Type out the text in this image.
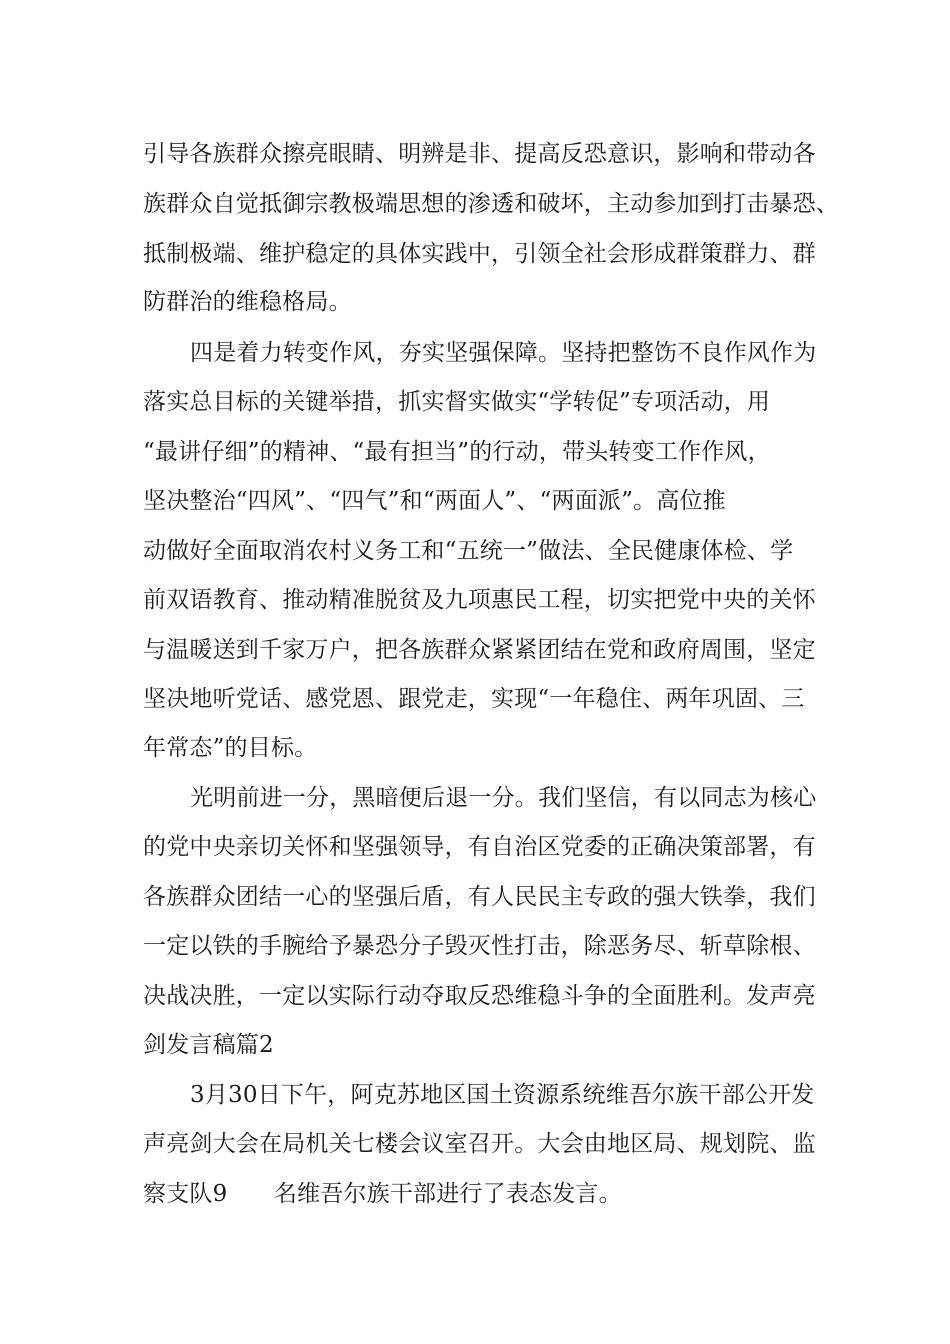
引导各族群众擦亮眼睛、明辨是非、提高反恐意识，影响和带动各
族群众自觉抵御宗教极端思想的渗透和破坏，主动参加到打击暴恐、
抵制极端、维护稳定的具体实践中，引领全社会形成群策群力、群
防群治的维稳格局。
四是着力转变作风，夯实坚强保障。坚持把整饬不良作风作为
落实总目标的关键举措，抓实督实做实“学转促”专项活动，用
“最讲仔细”的精神、“最有担当”的行动，带头转变工作作风，
坚决整治“四风”、“四气”和“两面人”、“两面派”。高位推
动做好全面取消农村义务工和“五统一”做法、全民健康体检、学
前双语教育、推动精准脱贫及九项惠民工程，切实把党中央的关怀
与温暖送到千家万户，把各族群众紧紧团结在党和政府周围，坚定
坚决地听党话、感党恩、跟党走，实现“一年稳住、两年巩固、三
年常态”的目标。
光明前进一分，黑暗便后退一分。我们坚信，有以同志为核心
的党中央亲切关怀和坚强领导，有自治区党委的正确决策部署，有
各族群众团结一心的坚强后盾，有人民民主专政的强大铁拳，我们
一定以铁的手腕给予暴恐分子毁灭性打击，除恶务尽、斩草除根、
决战决胜，一定以实际行动夺取反恐维稳斗争的全面胜利。发声亮
剑发言稿篇2
3月30日下午，阿克苏地区国土资源系统维吾尔族干部公开发
声亮剑大会在局机关七楼会议室召开。大会由地区局、规划院、监
察支队9　　名维吾尔族干部进行了表态发言。
